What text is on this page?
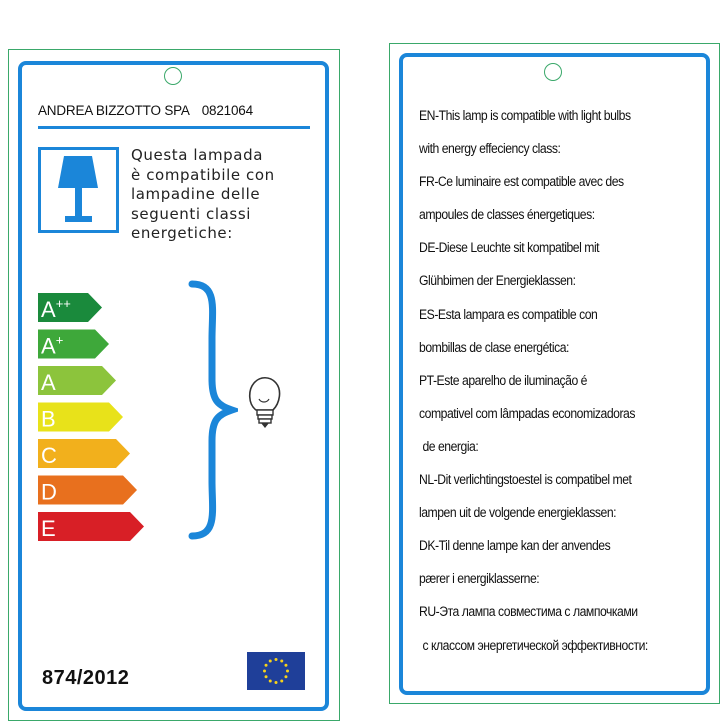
ANDREA BIZZOTTO SPA 0821064
Questa lampada
è compatibile con
lampadine delle
seguenti classi
energetiche:
A++
A+
A
B
C
D
E
874/2012
EN-This lamp is compatible with light bulbs
with energy effeciency class:
FR-Ce luminaire est compatible avec des
ampoules de classes énergetiques:
DE-Diese Leuchte sit kompatibel mit
Glühbimen der Energieklassen:
ES-Esta lampara es compatible con
bombillas de clase energética:
PT-Este aparelho de iluminação é
compativel com lâmpadas economizadoras
de energia:
NL-Dit verlichtingstoestel is compatibel met
lampen uit de volgende energieklassen:
DK-Til denne lampe kan der anvendes
pærer i energiklasserne:
RU-Эта лампа совместима с лампочками
с классом энергетической эффективности:
